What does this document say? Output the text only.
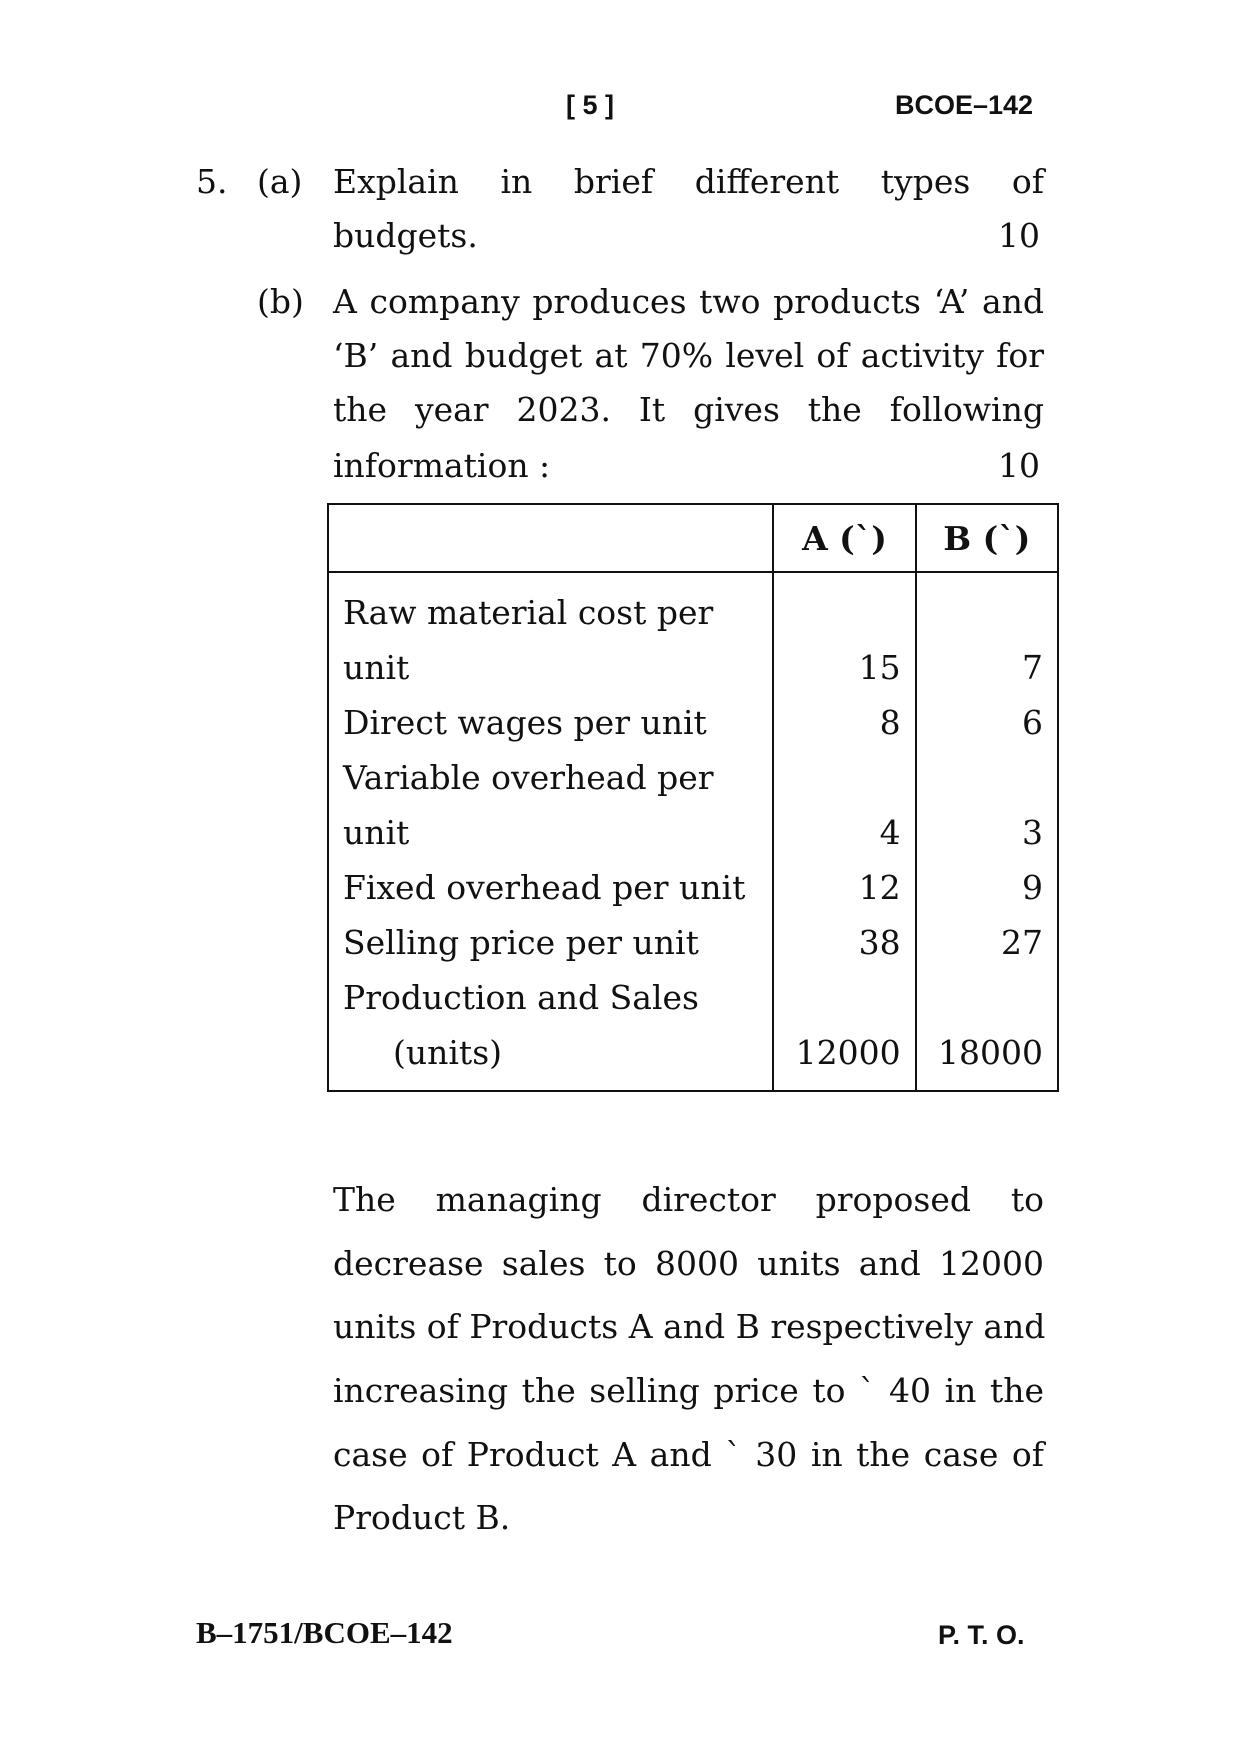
[ 5 ]	BCOE–142
5. (a) Explain in brief different types of
budgets.	10
(b) A company produces two products ‘A’ and
‘B’ and budget at 70% level of activity for
the year 2023. It gives the following
information :	10
	A (`)	B (`)

Raw material cost per
unit	15	7

Direct wages per unit	8	6

Variable overhead per
unit	4	3

Fixed overhead per unit	12	9

Selling price per unit	38	27

Production and Sales
(units)	12000	18000
The managing director proposed to
decrease sales to 8000 units and 12000
units of Products A and B respectively and
increasing the selling price to ` 40 in the
case of Product A and ` 30 in the case of
Product B.
B–1751/BCOE–142	P. T. O.
